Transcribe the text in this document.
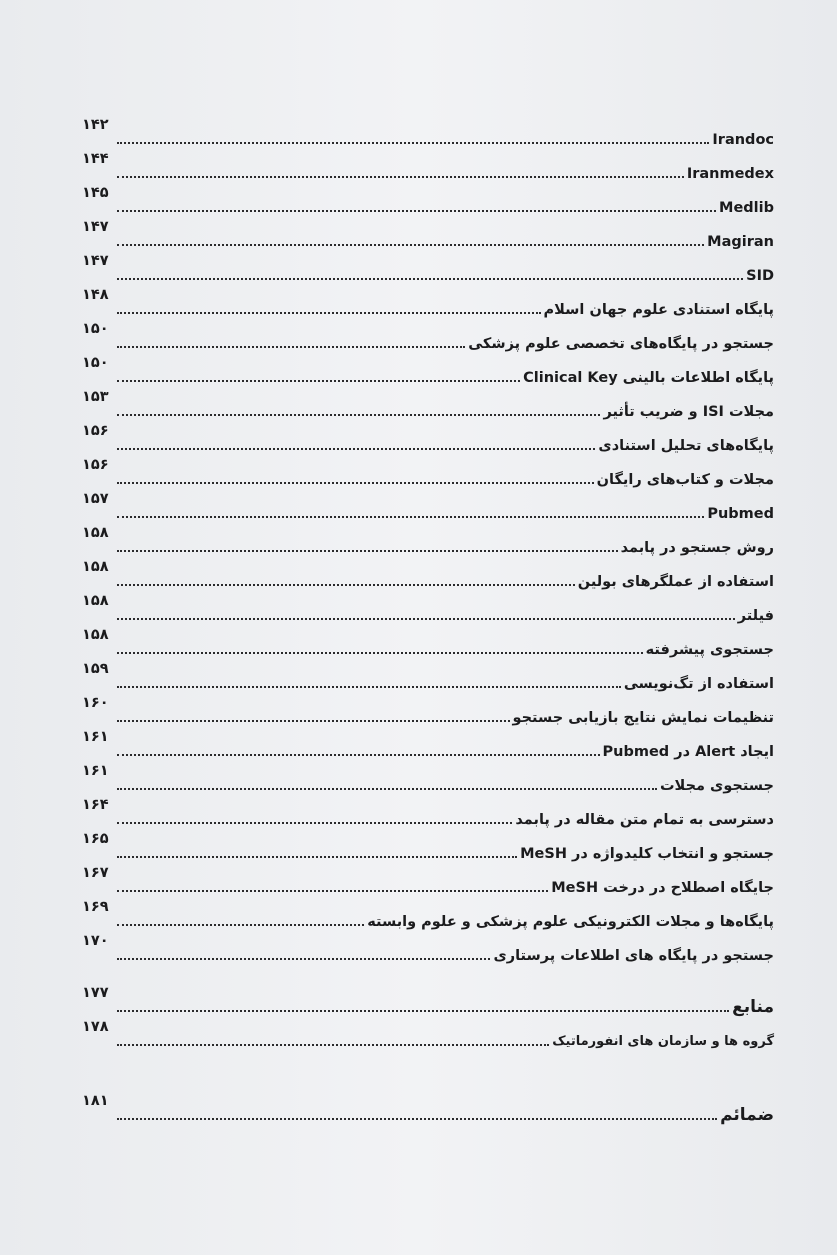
Irandoc
۱۴۲
Iranmedex
۱۴۴
Medlib
۱۴۵
Magiran
۱۴۷
SID
۱۴۷
پایگاه استنادی علوم جهان اسلام
۱۴۸
جستجو در پایگاه‌های تخصصی علوم پزشکی
۱۵۰
پایگاه اطلاعات بالینی Clinical Key
۱۵۰
مجلات ISI و ضریب تأثیر
۱۵۳
پایگاه‌های تحلیل استنادی
۱۵۶
مجلات و کتاب‌های رایگان
۱۵۶
Pubmed
۱۵۷
روش جستجو در پابمد
۱۵۸
استفاده از عملگرهای بولین
۱۵۸
فیلتر
۱۵۸
جستجوی پیشرفته
۱۵۸
استفاده از تگ‌نویسی
۱۵۹
تنظیمات نمایش نتایج بازیابی جستجو
۱۶۰
ایجاد Alert در Pubmed
۱۶۱
جستجوی مجلات
۱۶۱
دسترسی به تمام متن مقاله در پابمد
۱۶۴
جستجو و انتخاب کلیدواژه در MeSH
۱۶۵
جایگاه اصطلاح در درخت MeSH
۱۶۷
پایگاه‌ها و مجلات الکترونیکی علوم پزشکی و علوم وابسته
۱۶۹
جستجو در پایگاه های اطلاعات پرستاری
۱۷۰
منابع
۱۷۷
گروه ها و سازمان های انفورماتیک
۱۷۸
ضمائم
۱۸۱
